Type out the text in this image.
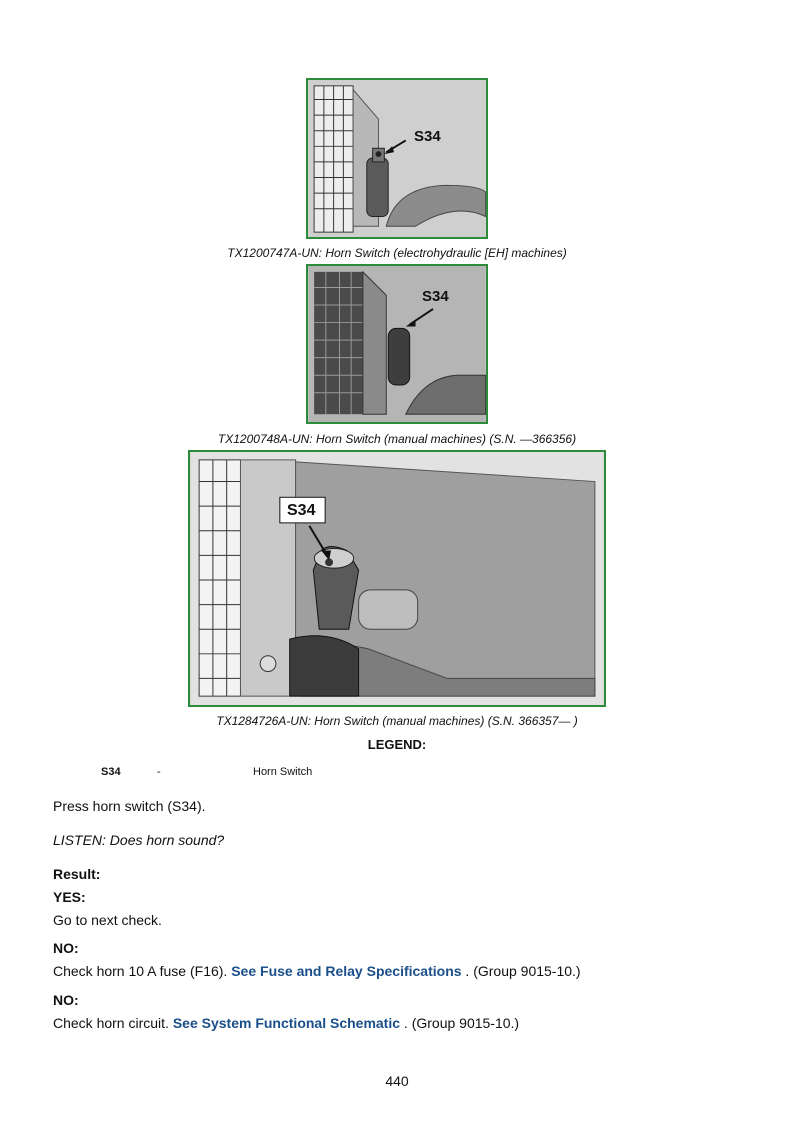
S34
TX1200747A-UN: Horn Switch (electrohydraulic [EH] machines)
S34
TX1200748A-UN: Horn Switch (manual machines) (S.N. —366356)
S34
TX1284726A-UN: Horn Switch (manual machines) (S.N. 366357— )
LEGEND:
S34	-	Horn Switch
Press horn switch (S34).
LISTEN: Does horn sound?
Result:
YES:
Go to next check.
NO:
Check horn 10 A fuse (F16). See Fuse and Relay Specifications . (Group 9015-10.)
NO:
Check horn circuit. See System Functional Schematic . (Group 9015-10.)
440
